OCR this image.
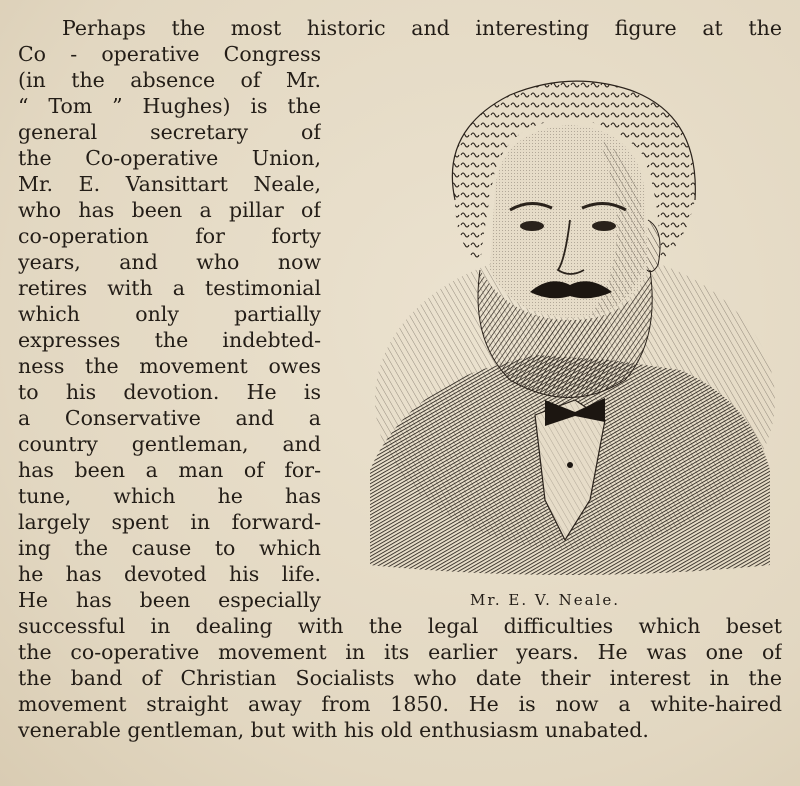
Perhaps the most historic and interesting figure at the
Co - operative Congress
(in the absence of Mr.
“ Tom ” Hughes) is the
general secretary of
the Co-operative Union,
Mr. E. Vansittart Neale,
who has been a pillar of
co-operation for forty
years, and who now
retires with a testimonial
which only partially
expresses the indebted-
ness the movement owes
to his devotion. He is
a Conservative and a
country gentleman, and
has been a man of for-
tune, which he has
largely spent in forward-
ing the cause to which
he has devoted his life.
He has been especially
successful in dealing with the legal difficulties which beset
the co-operative movement in its earlier years. He was one of
the band of Christian Socialists who date their interest in the
movement straight away from 1850. He is now a white-haired
venerable gentleman, but with his old enthusiasm unabated.
Mr. E. V. Neale.
